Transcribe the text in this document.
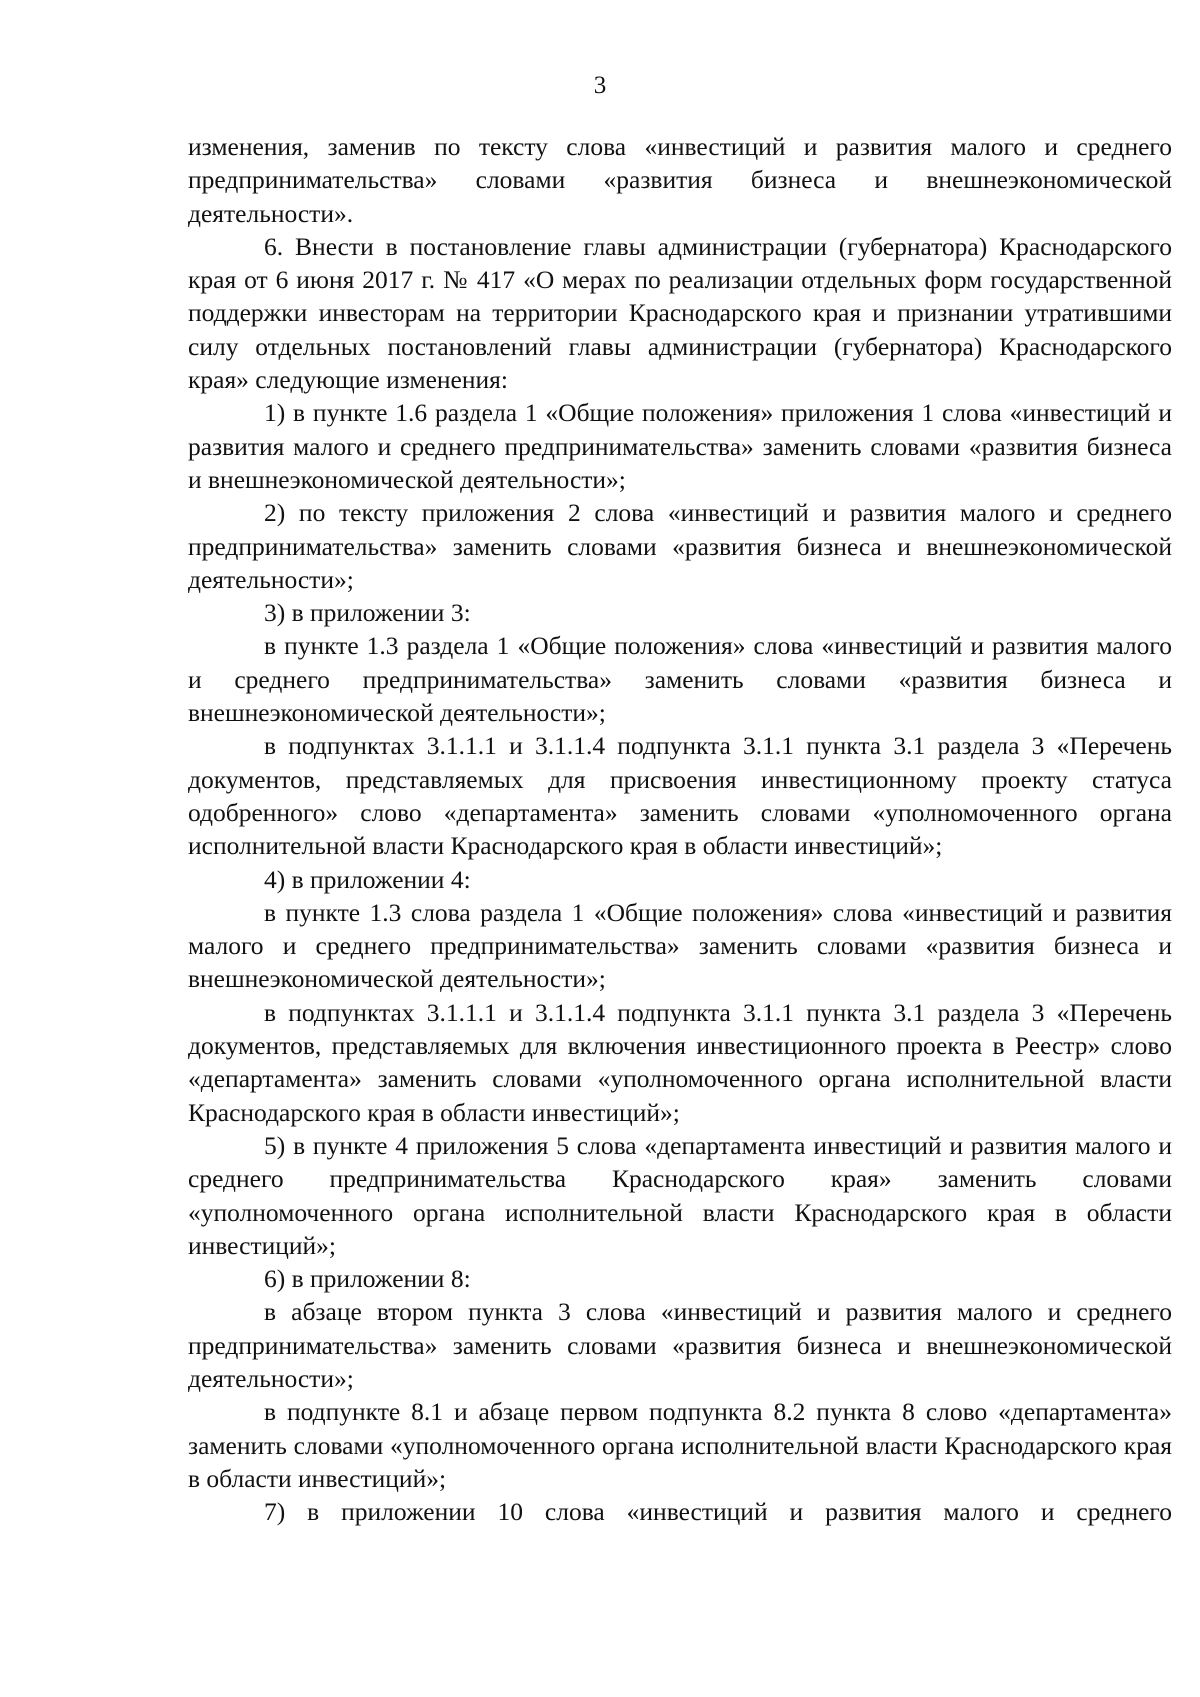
3

изменения, заменив по тексту слова «инвестиций и развития малого и среднего предпринимательства» словами «развития бизнеса и внешнеэкономической деятельности».

6. Внести в постановление главы администрации (губернатора) Краснодарского края от 6 июня 2017 г. № 417 «О мерах по реализации отдельных форм государственной поддержки инвесторам на территории Краснодарского края и признании утратившими силу отдельных постановлений главы администрации (губернатора) Краснодарского края» следующие изменения:

1) в пункте 1.6 раздела 1 «Общие положения» приложения 1 слова «инвестиций и развития малого и среднего предпринимательства» заменить словами «развития бизнеса и внешнеэкономической деятельности»;

2) по тексту приложения 2 слова «инвестиций и развития малого и среднего предпринимательства» заменить словами «развития бизнеса и внешнеэкономической деятельности»;

3) в приложении 3:

в пункте 1.3 раздела 1 «Общие положения» слова «инвестиций и развития малого и среднего предпринимательства» заменить словами «развития бизнеса и внешнеэкономической деятельности»;

в подпунктах 3.1.1.1 и 3.1.1.4 подпункта 3.1.1 пункта 3.1 раздела 3 «Перечень документов, представляемых для присвоения инвестиционному проекту статуса одобренного» слово «департамента» заменить словами «уполномоченного органа исполнительной власти Краснодарского края в области инвестиций»;

4) в приложении 4:

в пункте 1.3 слова раздела 1 «Общие положения» слова «инвестиций и развития малого и среднего предпринимательства» заменить словами «развития бизнеса и внешнеэкономической деятельности»;

в подпунктах 3.1.1.1 и 3.1.1.4 подпункта 3.1.1 пункта 3.1 раздела 3 «Перечень документов, представляемых для включения инвестиционного проекта в Реестр» слово «департамента» заменить словами «уполномоченного органа исполнительной власти Краснодарского края в области инвестиций»;

5) в пункте 4 приложения 5 слова «департамента инвестиций и развития малого и среднего предпринимательства Краснодарского края» заменить словами «уполномоченного органа исполнительной власти Краснодарского края в области инвестиций»;

6) в приложении 8:

в абзаце втором пункта 3 слова «инвестиций и развития малого и среднего предпринимательства» заменить словами «развития бизнеса и внешнеэкономической деятельности»;

в подпункте 8.1 и абзаце первом подпункта 8.2 пункта 8 слово «департамента» заменить словами «уполномоченного органа исполнительной власти Краснодарского края в области инвестиций»;

7) в приложении 10 слова «инвестиций и развития малого и среднего
